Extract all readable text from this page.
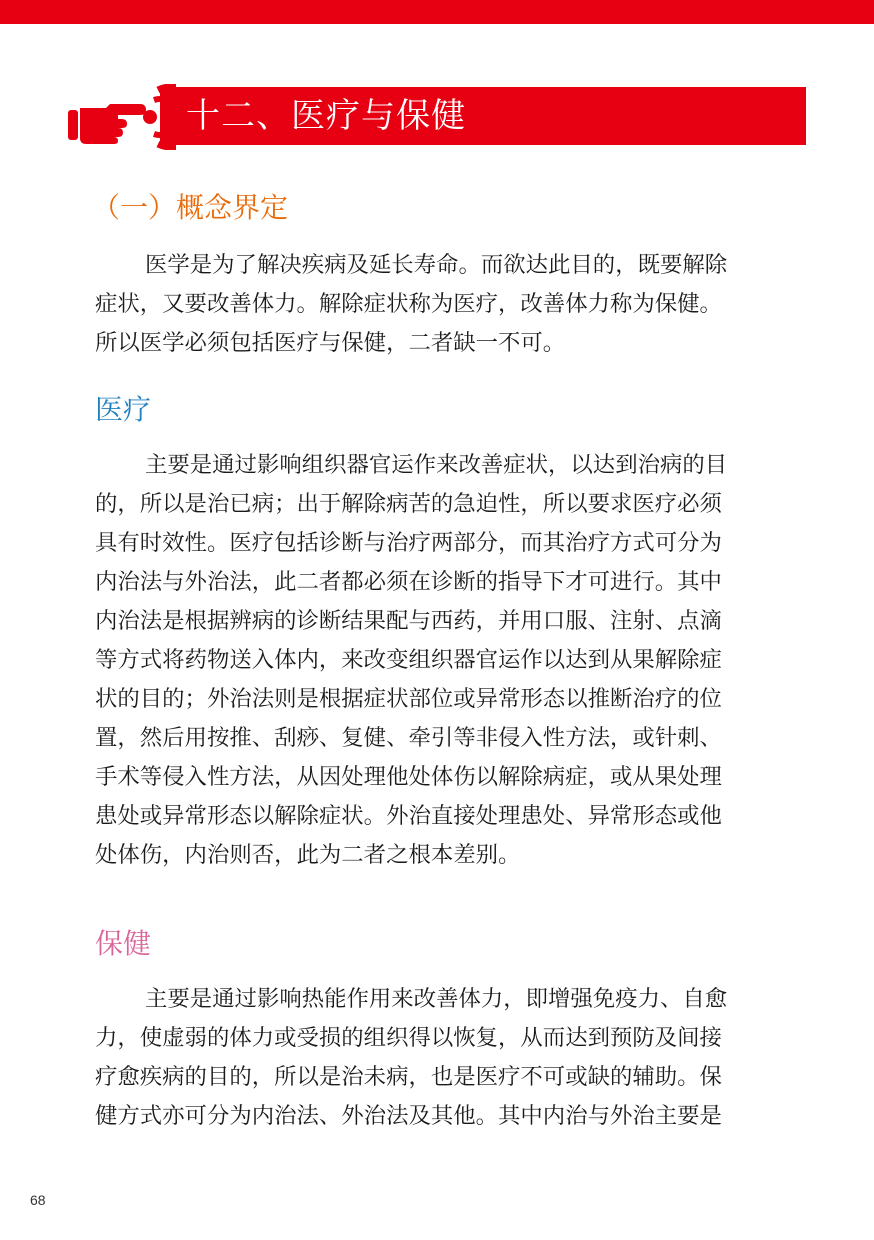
十二、医疗与保健
（一）概念界定
医学是为了解决疾病及延长寿命。而欲达此目的，既要解除
症状，又要改善体力。解除症状称为医疗，改善体力称为保健。
所以医学必须包括医疗与保健，二者缺一不可。
医疗
主要是通过影响组织器官运作来改善症状，以达到治病的目
的，所以是治已病；出于解除病苦的急迫性，所以要求医疗必须
具有时效性。医疗包括诊断与治疗两部分，而其治疗方式可分为
内治法与外治法，此二者都必须在诊断的指导下才可进行。其中
内治法是根据辨病的诊断结果配与西药，并用口服、注射、点滴
等方式将药物送入体内，来改变组织器官运作以达到从果解除症
状的目的；外治法则是根据症状部位或异常形态以推断治疗的位
置，然后用按推、刮痧、复健、牵引等非侵入性方法，或针刺、
手术等侵入性方法，从因处理他处体伤以解除病症，或从果处理
患处或异常形态以解除症状。外治直接处理患处、异常形态或他
处体伤，内治则否，此为二者之根本差别。
保健
主要是通过影响热能作用来改善体力，即增强免疫力、自愈
力，使虚弱的体力或受损的组织得以恢复，从而达到预防及间接
疗愈疾病的目的，所以是治未病，也是医疗不可或缺的辅助。保
健方式亦可分为内治法、外治法及其他。其中内治与外治主要是
68
